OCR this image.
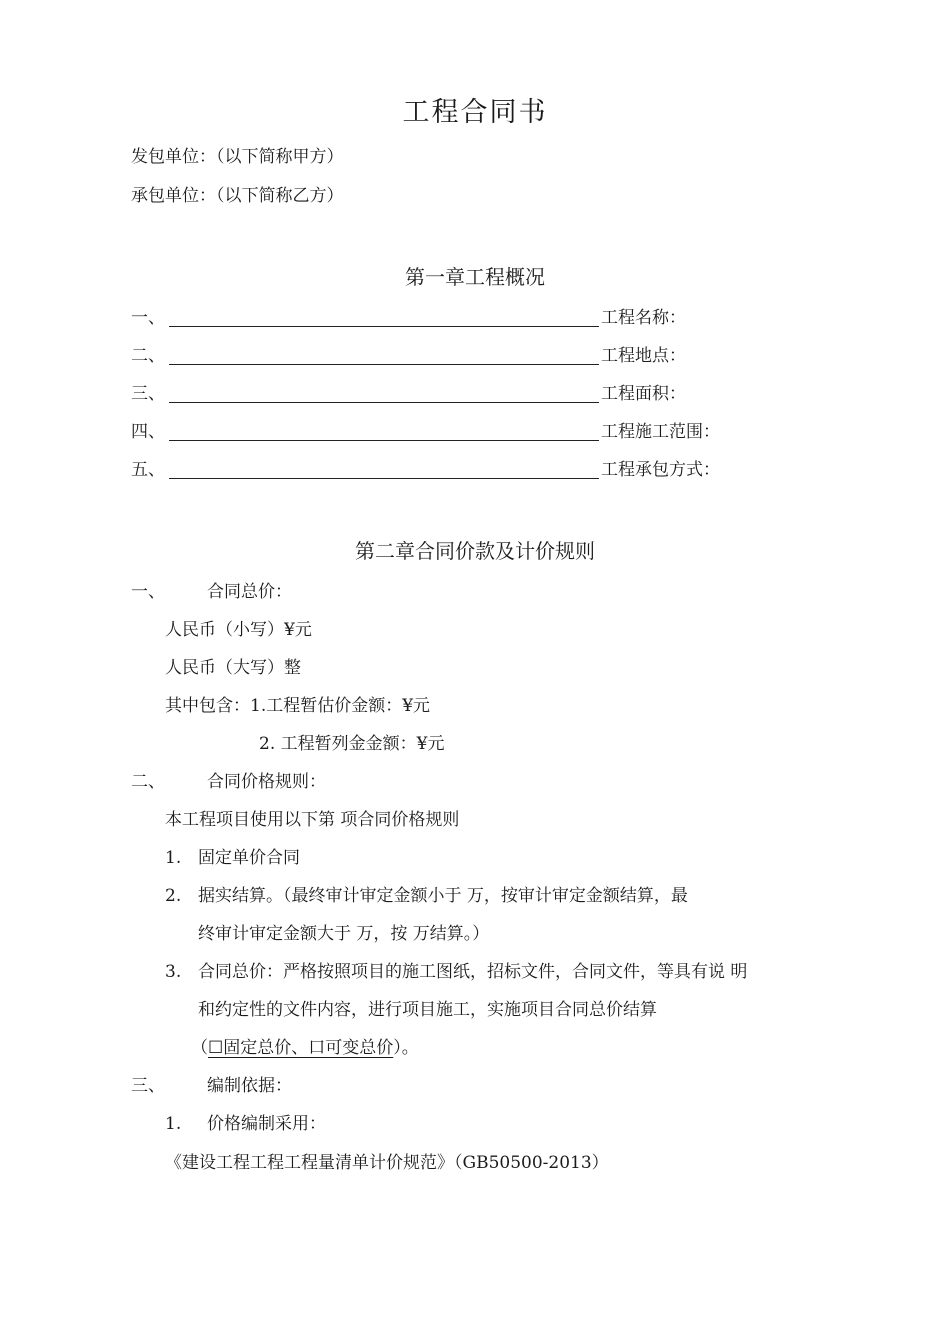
工程合同书
发包单位：（以下简称甲方）
承包单位：（以下简称乙方）
第一章工程概况
一、	工程名称：
二、	工程地点：
三、	工程面积：
四、	工程施工范围：
五、	工程承包方式：
第二章合同价款及计价规则
一、 合同总价：
人民币（小写）¥元
人民币（大写）整
其中包含：1.工程暂估价金额：¥元
2. 工程暂列金金额：¥元
二、 合同价格规则：
本工程项目使用以下第 项合同价格规则
1. 固定单价合同
2. 据实结算。（最终审计审定金额小于 万，按审计审定金额结算，最
终审计审定金额大于 万，按 万结算。）
3. 合同总价：严格按照项目的施工图纸，招标文件，合同文件，等具有说 明
和约定性的文件内容，进行项目施工，实施项目合同总价结算
（☐固定总价、口可变总价）。
三、 编制依据：
1. 价格编制采用：
《建设工程工程工程量清单计价规范》（GB50500-2013）
